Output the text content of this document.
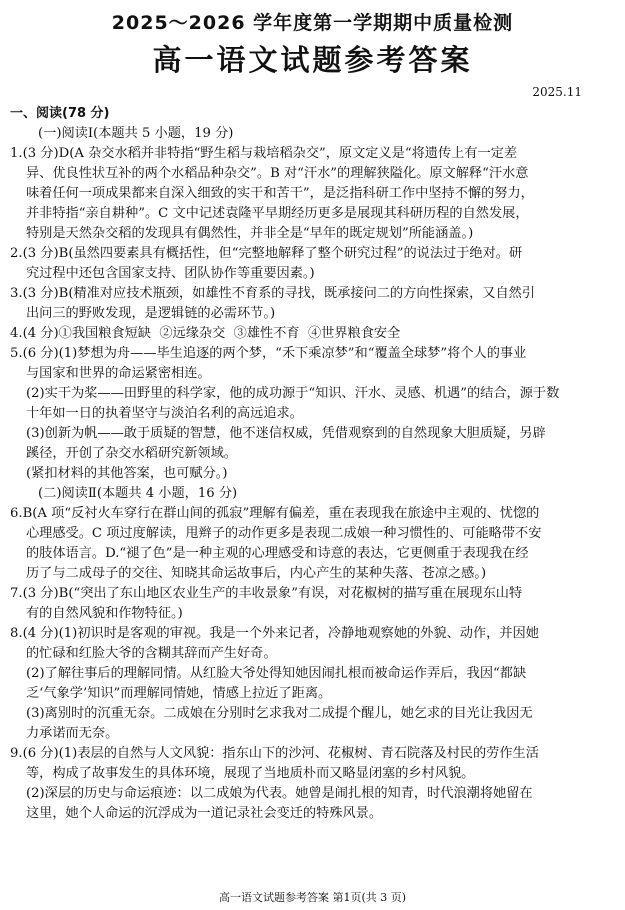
2025～2026 学年度第一学期期中质量检测
高一语文试题参考答案
2025.11
一、阅读(78 分)
(一)阅读Ⅰ(本题共 5 小题，19 分)
1.(3 分)D(A 杂交水稻并非特指“野生稻与栽培稻杂交”，原文定义是“将遗传上有一定差
异、优良性状互补的两个水稻品种杂交”。B 对“汗水”的理解狭隘化。原文解释“汗水意
味着任何一项成果都来自深入细致的实干和苦干”，是泛指科研工作中坚持不懈的努力，
并非特指“亲自耕种”。C 文中记述袁隆平早期经历更多是展现其科研历程的自然发展，
特别是天然杂交稻的发现具有偶然性，并非全是“早年的既定规划”所能涵盖。)
2.(3 分)B(虽然四要素具有概括性，但“完整地解释了整个研究过程”的说法过于绝对。研
究过程中还包含国家支持、团队协作等重要因素。)
3.(3 分)B(精准对应技术瓶颈，如雄性不育系的寻找，既承接问二的方向性探索，又自然引
出问三的野败发现，是逻辑链的必需环节。)
4.(4 分)①我国粮食短缺  ②远缘杂交  ③雄性不育  ④世界粮食安全
5.(6 分)(1)梦想为舟——毕生追逐的两个梦，“禾下乘凉梦”和“覆盖全球梦”将个人的事业
与国家和世界的命运紧密相连。
(2)实干为桨——田野里的科学家，他的成功源于“知识、汗水、灵感、机遇”的结合，源于数
十年如一日的执着坚守与淡泊名利的高远追求。
(3)创新为帆——敢于质疑的智慧，他不迷信权威，凭借观察到的自然现象大胆质疑，另辟
蹊径，开创了杂交水稻研究新领域。
(紧扣材料的其他答案，也可赋分。)
(二)阅读Ⅱ(本题共 4 小题，16 分)
6.B(A 项“反衬火车穿行在群山间的孤寂”理解有偏差，重在表现我在旅途中主观的、忧惚的
心理感受。C 项过度解读，甩辫子的动作更多是表现二成娘一种习惯性的、可能略带不安
的肢体语言。D.“褪了色”是一种主观的心理感受和诗意的表达，它更侧重于表现我在经
历了与二成母子的交往、知晓其命运故事后，内心产生的某种失落、苍凉之感。)
7.(3 分)B(“突出了东山地区农业生产的丰收景象”有误，对花椒树的描写重在展现东山特
有的自然风貌和作物特征。)
8.(4 分)(1)初识时是客观的审视。我是一个外来记者，冷静地观察她的外貌、动作，并因她
的忙碌和红脸大爷的含糊其辞而产生好奇。
(2)了解往事后的理解同情。从红脸大爷处得知她因闹扎根而被命运作弄后，我因“都缺
乏‘气象学’知识”而理解同情她，情感上拉近了距离。
(3)离别时的沉重无奈。二成娘在分别时乞求我对二成提个醒儿，她乞求的目光让我因无
力承诺而无奈。
9.(6 分)(1)表层的自然与人文风貌：指东山下的沙河、花椒树、青石院落及村民的劳作生活
等，构成了故事发生的具体环境，展现了当地质朴而又略显闭塞的乡村风貌。
(2)深层的历史与命运痕迹：以二成娘为代表。她曾是闹扎根的知青，时代浪潮将她留在
这里，她个人命运的沉浮成为一道记录社会变迁的特殊风景。
高一语文试题参考答案 第1页(共 3 页)
